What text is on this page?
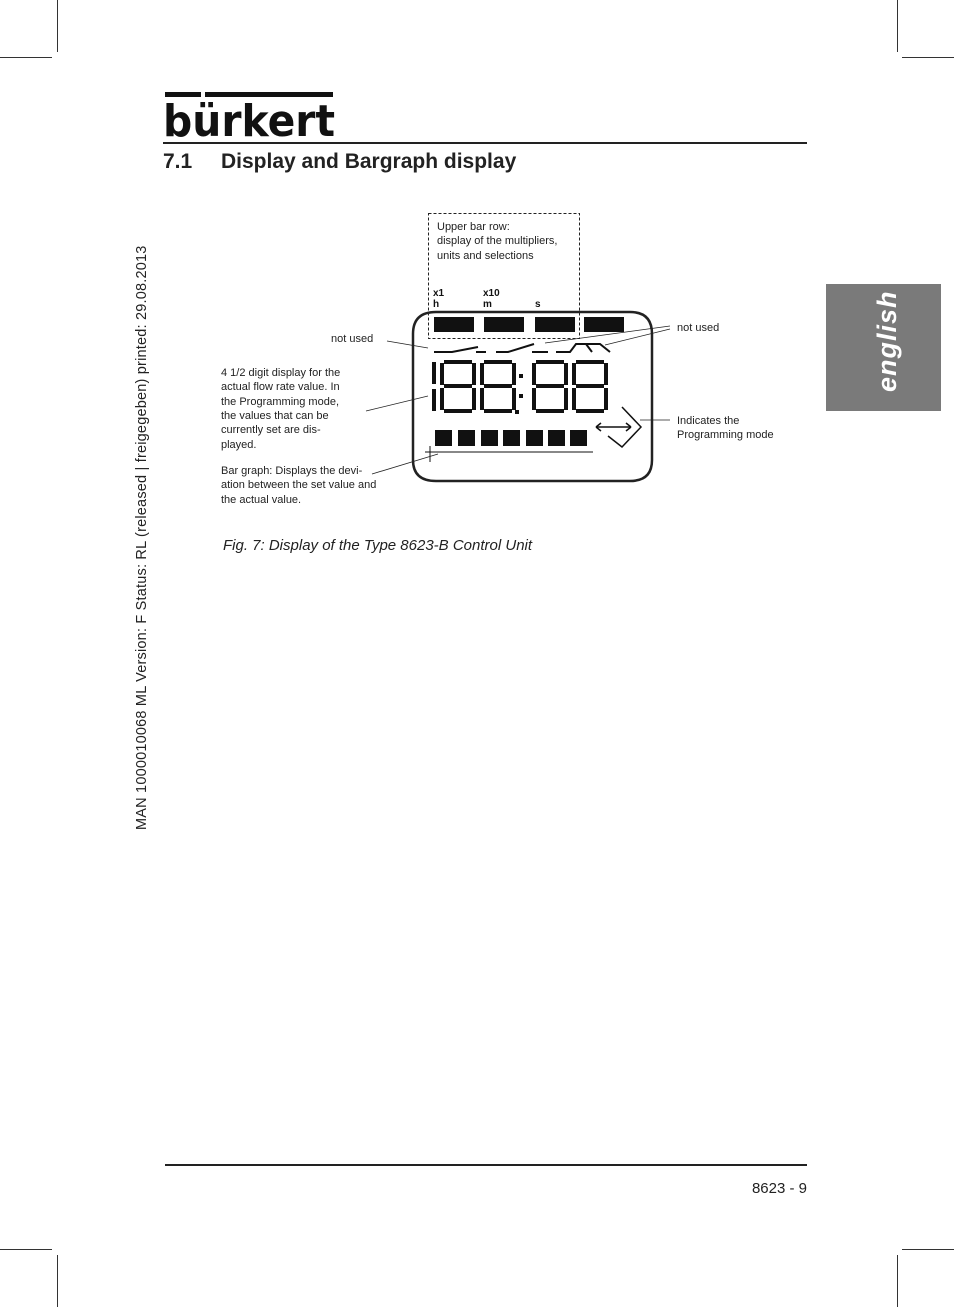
bürkert
7.1 Display and Bargraph display
MAN 1000010068 ML Version: F Status: RL (released | freigegeben) printed: 29.08.2013	english
Upper bar row:
display of the multipliers,
units and selections
x1	x10
h	m	s
not used
not used
4 1/2 digit display for the
actual flow rate value. In
the Programming mode,
the values that can be
currently set are dis-
played.
Bar graph: Displays the devi-
ation between the set value and
the actual value.
Indicates the
Programming mode
Fig. 7: Display of the Type 8623-B Control Unit
8623 - 9
